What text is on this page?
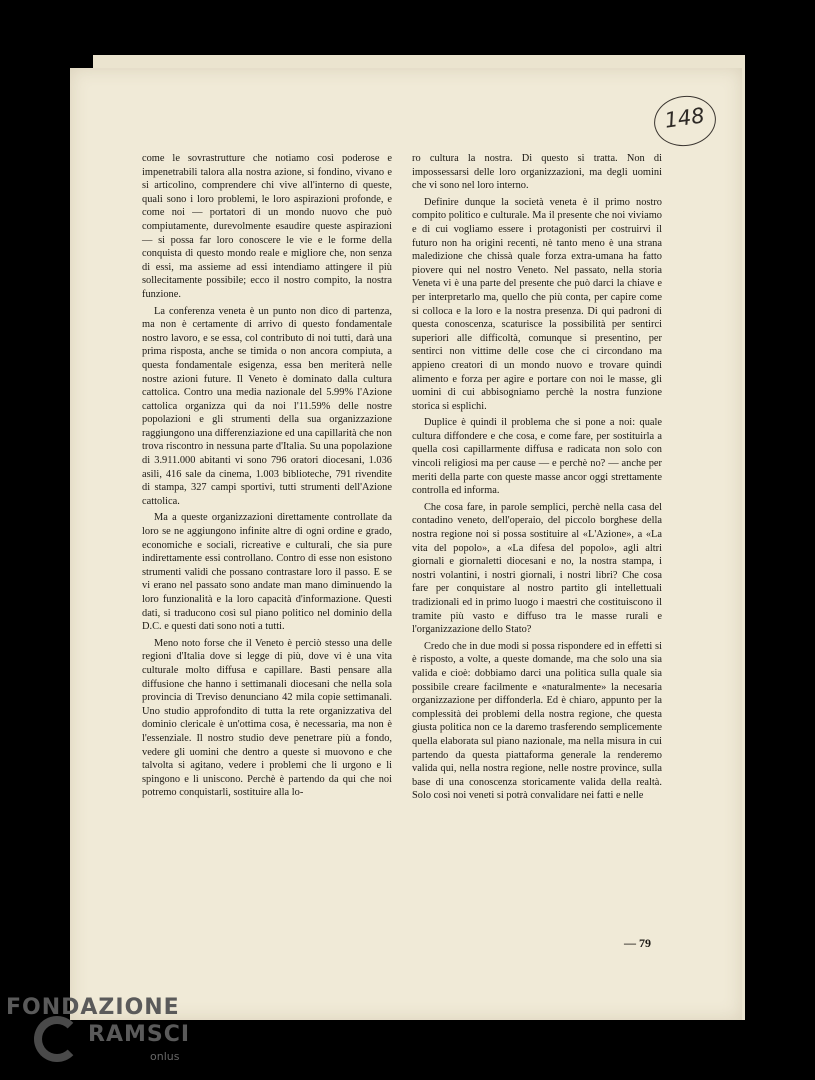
148

come le sovrastrutture che notiamo così poderose e impenetrabili talora alla nostra azione, si fondino, vivano e si articolino, comprendere chi vive all'interno di queste, quali sono i loro problemi, le loro aspirazioni profonde, e come noi — portatori di un mondo nuovo che può compiutamente, durevolmente esaudire queste aspirazioni — si possa far loro conoscere le vie e le forme della conquista di questo mondo reale e migliore che, non senza di essi, ma assieme ad essi intendiamo attingere il più sollecitamente possibile; ecco il nostro compito, la nostra funzione.

La conferenza veneta è un punto non dico di partenza, ma non è certamente di arrivo di questo fondamentale nostro lavoro, e se essa, col contributo di noi tutti, darà una prima risposta, anche se timida o non ancora compiuta, a questa fondamentale esigenza, essa ben meriterà nelle nostre azioni future. Il Veneto è dominato dalla cultura cattolica. Contro una media nazionale del 5.99% l'Azione cattolica organizza qui da noi l'11.59% delle nostre popolazioni e gli strumenti della sua organizzazione raggiungono una differenziazione ed una capillarità che non trova riscontro in nessuna parte d'Italia. Su una popolazione di 3.911.000 abitanti vi sono 796 oratori diocesani, 1.036 asili, 416 sale da cinema, 1.003 biblioteche, 791 rivendite di stampa, 327 campi sportivi, tutti strumenti dell'Azione cattolica.

Ma a queste organizzazioni direttamente controllate da loro se ne aggiungono infinite altre di ogni ordine e grado, economiche e sociali, ricreative e culturali, che sia pure indirettamente essi controllano. Contro di esse non esistono strumenti validi che possano contrastare loro il passo. E se vi erano nel passato sono andate man mano diminuendo la loro funzionalità e la loro capacità d'informazione. Questi dati, si traducono così sul piano politico nel dominio della D.C. e questi dati sono noti a tutti.

Meno noto forse che il Veneto è perciò stesso una delle regioni d'Italia dove si legge di più, dove vi è una vita culturale molto diffusa e capillare. Basti pensare alla diffusione che hanno i settimanali diocesani che nella sola provincia di Treviso denunciano 42 mila copie settimanali. Uno studio approfondito di tutta la rete organizzativa del dominio clericale è un'ottima cosa, è necessaria, ma non è l'essenziale. Il nostro studio deve penetrare più a fondo, vedere gli uomini che dentro a queste si muovono e che talvolta si agitano, vedere i problemi che li urgono e li spingono e li uniscono. Perchè è partendo da qui che noi potremo conquistarli, sostituire alla lo-

ro cultura la nostra. Di questo si tratta. Non di impossessarsi delle loro organizzazioni, ma degli uomini che vi sono nel loro interno.

Definire dunque la società veneta è il primo nostro compito politico e culturale. Ma il presente che noi viviamo e di cui vogliamo essere i protagonisti per costruirvi il futuro non ha origini recenti, nè tanto meno è una strana maledizione che chissà quale forza extra-umana ha fatto piovere qui nel nostro Veneto. Nel passato, nella storia Veneta vi è una parte del presente che può darci la chiave e per interpretarlo ma, quello che più conta, per capire come si colloca e la loro e la nostra presenza. Di qui padroni di questa conoscenza, scaturisce la possibilità per sentirci superiori alle difficoltà, comunque si presentino, per sentirci non vittime delle cose che ci circondano ma appieno creatori di un mondo nuovo e trovare quindi alimento e forza per agire e portare con noi le masse, gli uomini di cui abbisogniamo perchè la nostra funzione storica si esplichi.

Duplice è quindi il problema che si pone a noi: quale cultura diffondere e che cosa, e come fare, per sostituirla a quella così capillarmente diffusa e radicata non solo con vincoli religiosi ma per cause — e perchè no? — anche per meriti della parte con queste masse ancor oggi strettamente controlla ed informa.

Che cosa fare, in parole semplici, perchè nella casa del contadino veneto, dell'operaio, del piccolo borghese della nostra regione noi si possa sostituire al «L'Azione», a «La vita del popolo», a «La difesa del popolo», agli altri giornali e giornaletti diocesani e no, la nostra stampa, i nostri volantini, i nostri giornali, i nostri libri? Che cosa fare per conquistare al nostro partito gli intellettuali tradizionali ed in primo luogo i maestri che costituiscono il tramite più vasto e diffuso tra le masse rurali e l'organizzazione dello Stato?

Credo che in due modi si possa rispondere ed in effetti si è risposto, a volte, a queste domande, ma che solo una sia valida e cioè: dobbiamo darci una politica sulla quale sia possibile creare facilmente e «naturalmente» la necesaria organizzazione per diffonderla. Ed è chiaro, appunto per la complessità dei problemi della nostra regione, che questa giusta politica non ce la daremo trasferendo semplicemente quella elaborata sul piano nazionale, ma nella misura in cui partendo da questa piattaforma generale la renderemo valida qui, nella nostra regione, nelle nostre province, sulla base di una conoscenza storicamente valida della realtà. Solo così noi veneti si potrà convalidare nei fatti e nelle

— 79
FONDAZIONE
RAMSCI
onlus
